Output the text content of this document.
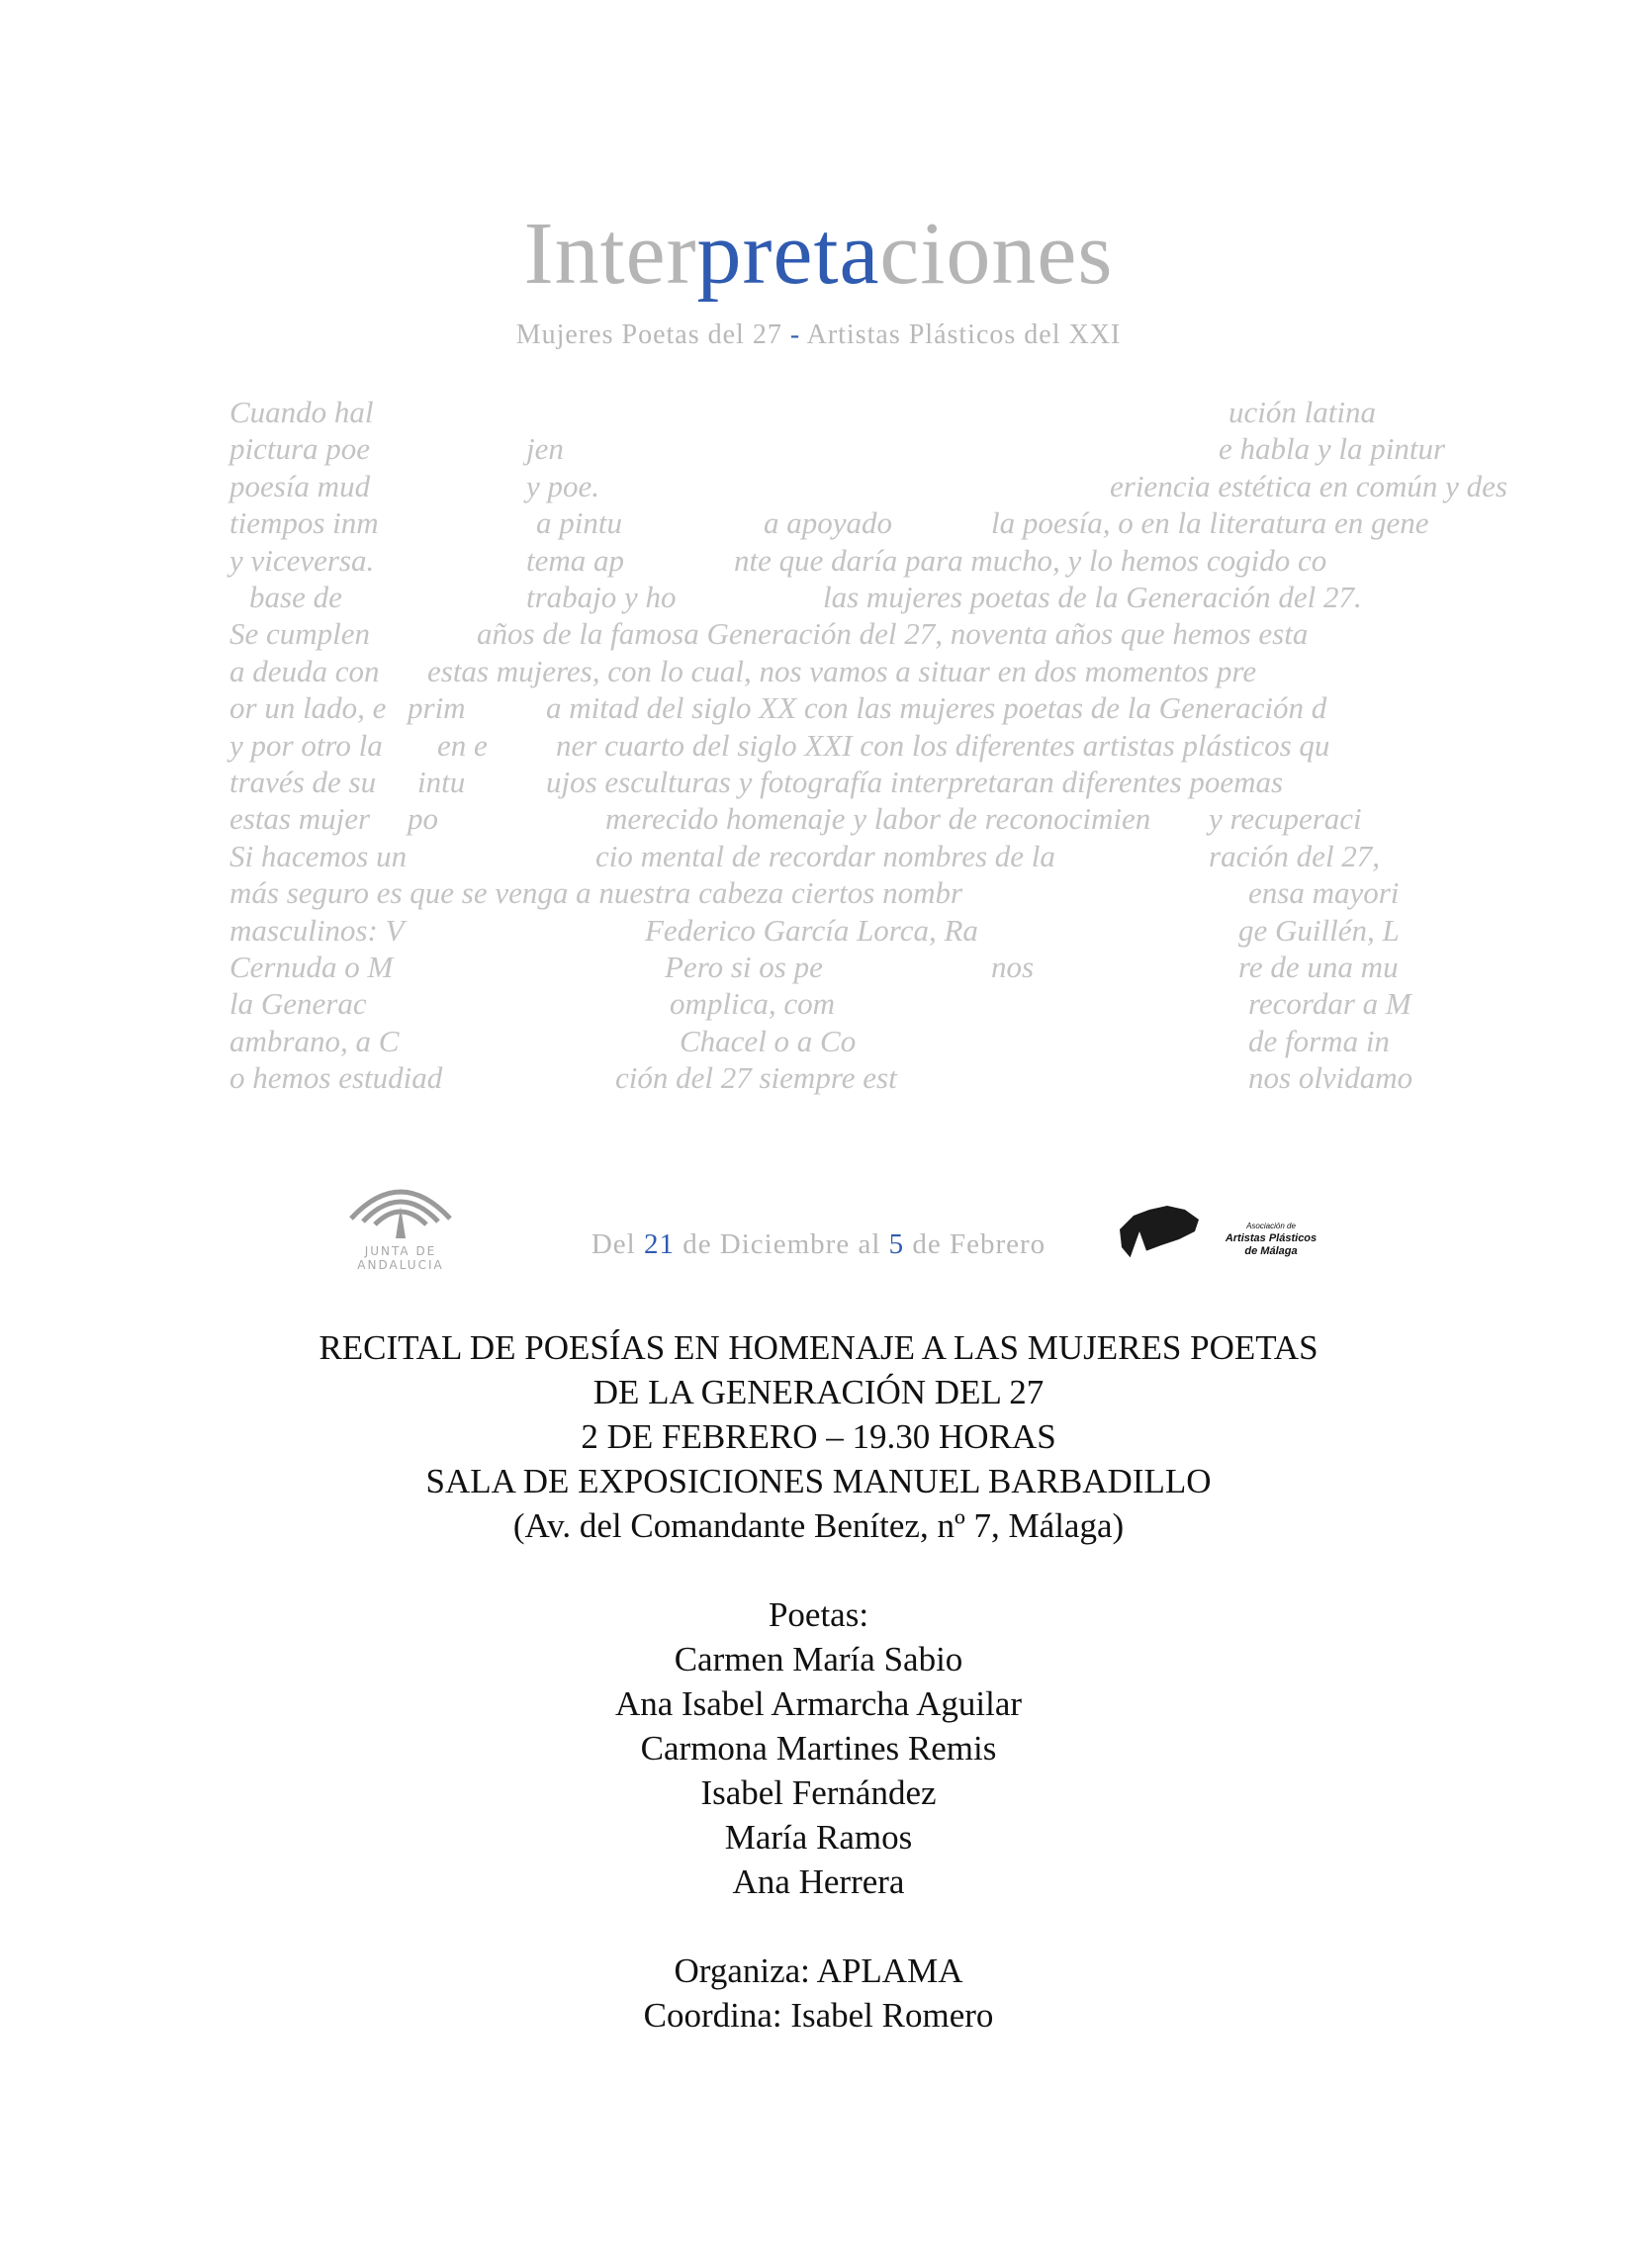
Interpretaciones
Mujeres Poetas del 27 - Artistas Plásticos del XXI
Cuando hal	ución latina
pictura poe	jen	e habla y la pintur
poesía mud	y poe.	eriencia estética en común y des
tiempos inm	a pintu	a apoyado	la poesía, o en la literatura en gene
y viceversa.	tema ap	nte que daría para mucho, y lo hemos cogido co
base de	trabajo y ho	las mujeres poetas de la Generación del 27.
Se cumplen	años de la famosa Generación del 27, noventa años que hemos esta
a deuda con estas mujeres, con lo cual, nos vamos a situar en dos momentos pre
or un lado, e prim	a mitad del siglo XX con las mujeres poetas de la Generación d
y por otro la en e ner cuarto del siglo XXI con los diferentes artistas plásticos qu
través de su intu	ujos esculturas y fotografía interpretaran diferentes poemas
estas mujer po	merecido homenaje y labor de reconocimien y recuperaci
Si hacemos un	cio mental de recordar nombres de la	ración del 27,
más seguro es que se venga a nuestra cabeza ciertos nombr	ensa mayori
masculinos: V	Federico García Lorca, Ra	ge Guillén, L
Cernuda o M	Pero si os pe	nos	re de una mu
la Generac	omplica, com	recordar a M
ambrano, a C	Chacel o a Co	de forma in
o hemos estudiad	ción del 27 siempre est	nos olvidamo
JUNTA DE ANDALUCIA
Del 21 de Diciembre al 5 de Febrero
Asociación de
Artistas Plásticos
de Málaga
RECITAL DE POESÍAS EN HOMENAJE A LAS MUJERES POETAS
DE LA GENERACIÓN DEL 27
2 DE FEBRERO – 19.30 HORAS
SALA DE EXPOSICIONES MANUEL BARBADILLO
(Av. del Comandante Benítez, nº 7, Málaga)
Poetas:
Carmen María Sabio
Ana Isabel Armarcha Aguilar
Carmona Martines Remis
Isabel Fernández
María Ramos
Ana Herrera
Organiza: APLAMA
Coordina: Isabel Romero
